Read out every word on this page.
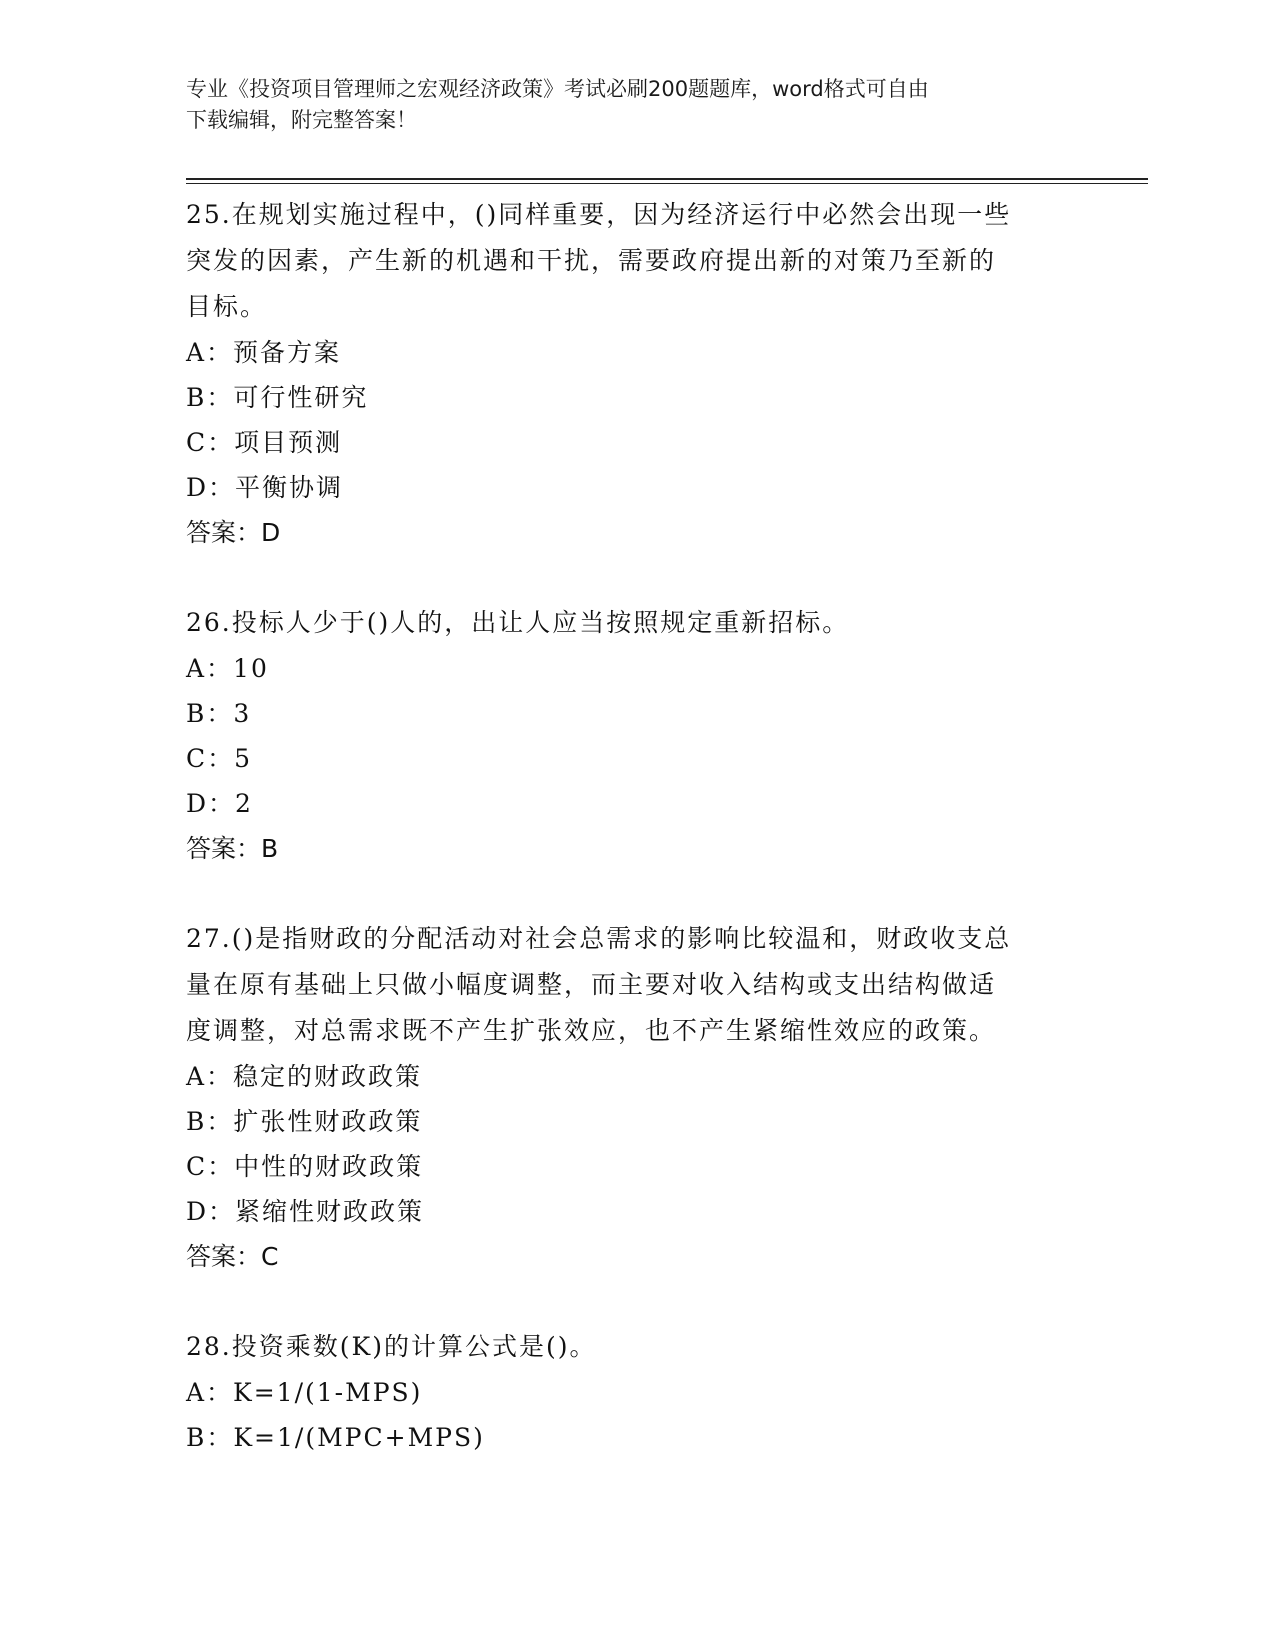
专业《投资项目管理师之宏观经济政策》考试必刷200题题库，word格式可自由
下载编辑，附完整答案！

25.在规划实施过程中，()同样重要，因为经济运行中必然会出现一些

突发的因素，产生新的机遇和干扰，需要政府提出新的对策乃至新的

目标。

A：预备方案

B：可行性研究

C：项目预测

D：平衡协调

答案：D

26.投标人少于()人的，出让人应当按照规定重新招标。

A：10

B：3

C：5

D：2

答案：B

27.()是指财政的分配活动对社会总需求的影响比较温和，财政收支总

量在原有基础上只做小幅度调整，而主要对收入结构或支出结构做适

度调整，对总需求既不产生扩张效应，也不产生紧缩性效应的政策。

A：稳定的财政政策

B：扩张性财政政策

C：中性的财政政策

D：紧缩性财政政策

答案：C

28.投资乘数(K)的计算公式是()。

A：K=1/(1-MPS)

B：K=1/(MPC+MPS)
